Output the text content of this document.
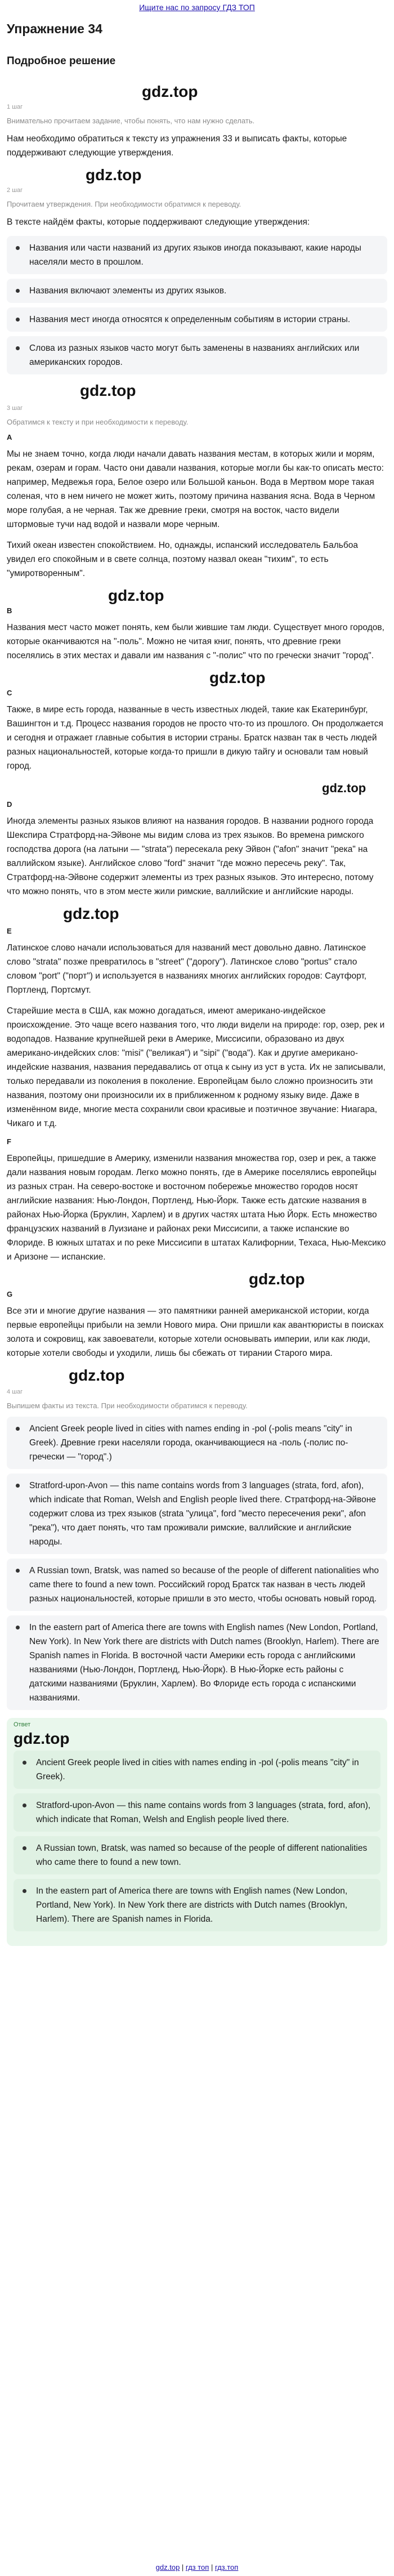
Ищите нас по запросу ГДЗ ТОП
Упражнение 34
Подробное решение
gdz.top
1 шаг
Внимательно прочитаем задание, чтобы понять, что нам нужно сделать.

Нам необходимо обратиться к тексту из упражнения 33 и выписать факты, которые поддерживают следующие утверждения.

gdz.top
2 шаг
Прочитаем утверждения. При необходимости обратимся к переводу.

В тексте найдём факты, которые поддерживают следующие утверждения:

Названия или части названий из других языков иногда показывают, какие народы населяли место в прошлом.
Названия включают элементы из других языков.
Названия мест иногда относятся к определенным событиям в истории страны.
Слова из разных языков часто могут быть заменены в названиях английских или американских городов.
gdz.top
3 шаг
Обратимся к тексту и при необходимости к переводу.
A

Мы не знаем точно, когда люди начали давать названия местам, в которых жили и морям, рекам, озерам и горам. Часто они давали названия, которые могли бы как-то описать место: например, Медвежья гора, Белое озеро или Большой каньон. Вода в Мертвом море такая соленая, что в нем ничего не может жить, поэтому причина названия ясна. Вода в Черном море голубая, а не черная. Так же древние греки, смотря на восток, часто видели штормовые тучи над водой и назвали море черным.

Тихий океан известен спокойствием. Но, однажды, испанский исследователь Бальбоа увидел его спокойным и в свете солнца, поэтому назвал океан "тихим", то есть "умиротворенным".

gdz.top
B

Названия мест часто может понять, кем были жившие там люди. Существует много городов, которые оканчиваются на "-поль". Можно не читая книг, понять, что древние греки поселялись в этих местах и давали им названия с "-полис" что по гречески значит "город".

gdz.top
C

Также, в мире есть города, названные в честь известных людей, такие как Екатеринбург, Вашингтон и т.д. Процесс названия городов не просто что-то из прошлого. Он продолжается и сегодня и отражает главные события в истории страны. Братск назван так в честь людей разных национальностей, которые когда-то пришли в дикую тайгу и основали там новый город.

gdz.top
D

Иногда элементы разных языков влияют на названия городов. В названии родного города Шекспира Стратфорд-на-Эйвоне мы видим слова из трех языков. Во времена римского господства дорога (на латыни — "strata") пересекала реку Эйвон ("afon" значит "река" на валлийском языке). Английское слово "ford" значит "где можно пересечь реку". Так, Стратфорд-на-Эйвоне содержит элементы из трех разных языков. Это интересно, потому что можно понять, что в этом месте жили римские, валлийские и английские народы.

gdz.top
E

Латинское слово начали использоваться для названий мест довольно давно. Латинское слово "strata" позже превратилось в "street" ("дорогу"). Латинское слово "portus" стало словом "port" ("порт") и используется в названиях многих английских городов: Саутфорт, Портленд, Портсмут.

Старейшие места в США, как можно догадаться, имеют американо-индейское происхождение. Это чаще всего названия того, что люди видели на природе: гор, озер, рек и водопадов. Название крупнейшей реки в Америке, Миссисипи, образовано из двух американо-индейских слов: "misi" ("великая") и "sipi" ("вода"). Как и другие американо-индейские названия, названия передавались от отца к сыну из уст в уста. Их не записывали, только передавали из поколения в поколение. Европейцам было сложно произносить эти названия, поэтому они произносили их в приближенном к родному языку виде. Даже в изменённом виде, многие места сохранили свои красивые и поэтичное звучание: Ниагара, Чикаго и т.д.

F

Европейцы, пришедшие в Америку, изменили названия множества гор, озер и рек, а также дали названия новым городам. Легко можно понять, где в Америке поселялись европейцы из разных стран. На северо-востоке и восточном побережье множество городов носят английские названия: Нью-Лондон, Портленд, Нью-Йорк. Также есть датские названия в районах Нью-Йорка (Бруклин, Харлем) и в других частях штата Нью Йорк. Есть множество французских названий в Луизиане и районах реки Миссисипи, а также испанские во Флориде. В южных штатах и по реке Миссисипи в штатах Калифорнии, Техаса, Нью-Мексико и Аризоне — испанские.

gdz.top
G

Все эти и многие другие названия — это памятники ранней американской истории, когда первые европейцы прибыли на земли Нового мира. Они пришли как авантюристы в поисках золота и сокровищ, как завоеватели, которые хотели основывать империи, или как люди, которые хотели свободы и уходили, лишь бы сбежать от тирании Старого мира.

gdz.top
4 шаг
Выпишем факты из текста. При необходимости обратимся к переводу.
Ancient Greek people lived in cities with names ending in -pol (-polis means "city" in Greek). Древние греки населяли города, оканчивающиеся на -поль (-полис по-гречески — "город".)
Stratford-upon-Avon — this name contains words from 3 languages (strata, ford, afon), which indicate that Roman, Welsh and English people lived there. Стратфорд-на-Эйвоне содержит слова из трех языков (strata "улица", ford "место пересечения реки", afon "река"), что дает понять, что там проживали римские, валлийские и английские народы.
A Russian town, Bratsk, was named so because of the people of different nationalities who came there to found a new town. Российский город Братск так назван в честь людей разных национальностей, которые пришли в это место, чтобы основать новый город.
In the eastern part of America there are towns with English names (New London, Portland, New York). In New York there are districts with Dutch names (Brooklyn, Harlem). There are Spanish names in Florida. В восточной части Америки есть города с английскими названиями (Нью-Лондон, Портленд, Нью-Йорк). В Нью-Йорке есть районы с датскими названиями (Бруклин, Харлем). Во Флориде есть города с испанскими названиями.
Ответ
gdz.top
Ancient Greek people lived in cities with names ending in -pol (-polis means "city" in Greek).
Stratford-upon-Avon — this name contains words from 3 languages (strata, ford, afon), which indicate that Roman, Welsh and English people lived there.
A Russian town, Bratsk, was named so because of the people of different nationalities who came there to found a new town.
In the eastern part of America there are towns with English names (New London, Portland, New York). In New York there are districts with Dutch names (Brooklyn, Harlem). There are Spanish names in Florida.
gdz.top | гдз топ | гдз.топ
